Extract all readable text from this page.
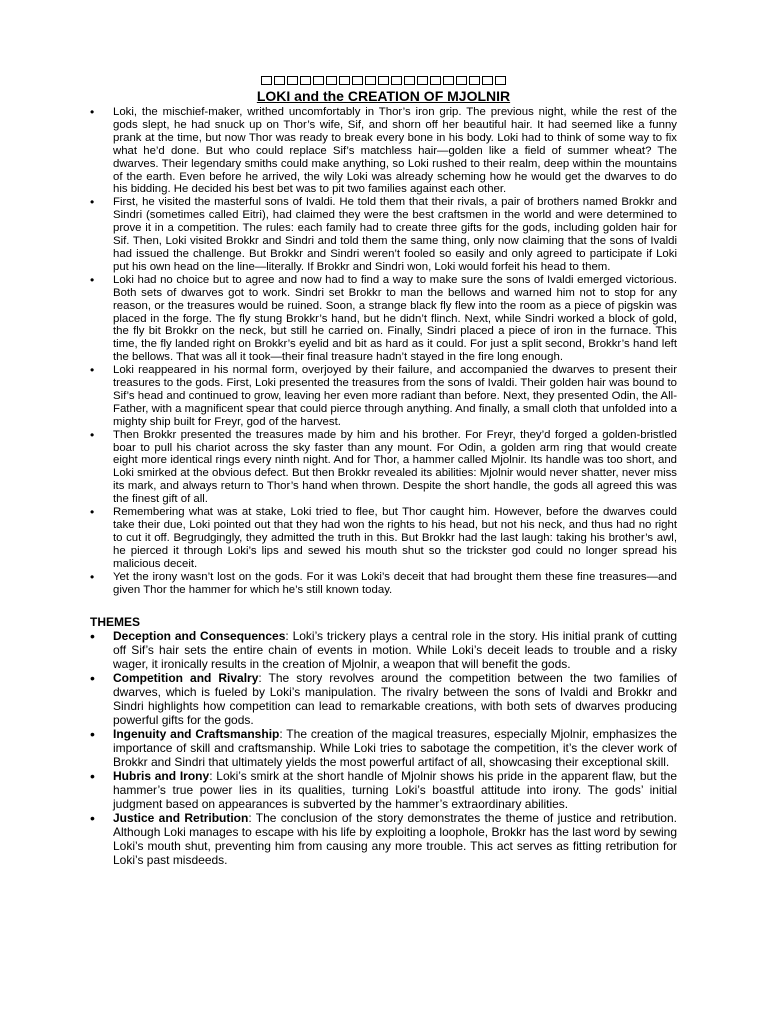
LOKI and the CREATION OF MJOLNIR
• Loki, the mischief-maker, writhed uncomfortably in Thor’s iron grip. The previous night, while the rest of the gods slept, he had snuck up on Thor’s wife, Sif, and shorn off her beautiful hair. It had seemed like a funny prank at the time, but now Thor was ready to break every bone in his body. Loki had to think of some way to fix what he’d done. But who could replace Sif’s matchless hair—golden like a field of summer wheat? The dwarves. Their legendary smiths could make anything, so Loki rushed to their realm, deep within the mountains of the earth. Even before he arrived, the wily Loki was already scheming how he would get the dwarves to do his bidding. He decided his best bet was to pit two families against each other.
• First, he visited the masterful sons of Ivaldi. He told them that their rivals, a pair of brothers named Brokkr and Sindri (sometimes called Eitri), had claimed they were the best craftsmen in the world and were determined to prove it in a competition. The rules: each family had to create three gifts for the gods, including golden hair for Sif. Then, Loki visited Brokkr and Sindri and told them the same thing, only now claiming that the sons of Ivaldi had issued the challenge. But Brokkr and Sindri weren’t fooled so easily and only agreed to participate if Loki put his own head on the line—literally. If Brokkr and Sindri won, Loki would forfeit his head to them.
• Loki had no choice but to agree and now had to find a way to make sure the sons of Ivaldi emerged victorious. Both sets of dwarves got to work. Sindri set Brokkr to man the bellows and warned him not to stop for any reason, or the treasures would be ruined. Soon, a strange black fly flew into the room as a piece of pigskin was placed in the forge. The fly stung Brokkr’s hand, but he didn’t flinch. Next, while Sindri worked a block of gold, the fly bit Brokkr on the neck, but still he carried on. Finally, Sindri placed a piece of iron in the furnace. This time, the fly landed right on Brokkr’s eyelid and bit as hard as it could. For just a split second, Brokkr’s hand left the bellows. That was all it took—their final treasure hadn’t stayed in the fire long enough.
• Loki reappeared in his normal form, overjoyed by their failure, and accompanied the dwarves to present their treasures to the gods. First, Loki presented the treasures from the sons of Ivaldi. Their golden hair was bound to Sif’s head and continued to grow, leaving her even more radiant than before. Next, they presented Odin, the All-Father, with a magnificent spear that could pierce through anything. And finally, a small cloth that unfolded into a mighty ship built for Freyr, god of the harvest.
• Then Brokkr presented the treasures made by him and his brother. For Freyr, they’d forged a golden-bristled boar to pull his chariot across the sky faster than any mount. For Odin, a golden arm ring that would create eight more identical rings every ninth night. And for Thor, a hammer called Mjolnir. Its handle was too short, and Loki smirked at the obvious defect. But then Brokkr revealed its abilities: Mjolnir would never shatter, never miss its mark, and always return to Thor’s hand when thrown. Despite the short handle, the gods all agreed this was the finest gift of all.
• Remembering what was at stake, Loki tried to flee, but Thor caught him. However, before the dwarves could take their due, Loki pointed out that they had won the rights to his head, but not his neck, and thus had no right to cut it off. Begrudgingly, they admitted the truth in this. But Brokkr had the last laugh: taking his brother’s awl, he pierced it through Loki’s lips and sewed his mouth shut so the trickster god could no longer spread his malicious deceit.
• Yet the irony wasn’t lost on the gods. For it was Loki’s deceit that had brought them these fine treasures—and given Thor the hammer for which he’s still known today.
THEMES
• Deception and Consequences: Loki’s trickery plays a central role in the story. His initial prank of cutting off Sif’s hair sets the entire chain of events in motion. While Loki’s deceit leads to trouble and a risky wager, it ironically results in the creation of Mjolnir, a weapon that will benefit the gods.
• Competition and Rivalry: The story revolves around the competition between the two families of dwarves, which is fueled by Loki’s manipulation. The rivalry between the sons of Ivaldi and Brokkr and Sindri highlights how competition can lead to remarkable creations, with both sets of dwarves producing powerful gifts for the gods.
• Ingenuity and Craftsmanship: The creation of the magical treasures, especially Mjolnir, emphasizes the importance of skill and craftsmanship. While Loki tries to sabotage the competition, it’s the clever work of Brokkr and Sindri that ultimately yields the most powerful artifact of all, showcasing their exceptional skill.
• Hubris and Irony: Loki’s smirk at the short handle of Mjolnir shows his pride in the apparent flaw, but the hammer’s true power lies in its qualities, turning Loki’s boastful attitude into irony. The gods’ initial judgment based on appearances is subverted by the hammer’s extraordinary abilities.
• Justice and Retribution: The conclusion of the story demonstrates the theme of justice and retribution. Although Loki manages to escape with his life by exploiting a loophole, Brokkr has the last word by sewing Loki’s mouth shut, preventing him from causing any more trouble. This act serves as fitting retribution for Loki’s past misdeeds.
